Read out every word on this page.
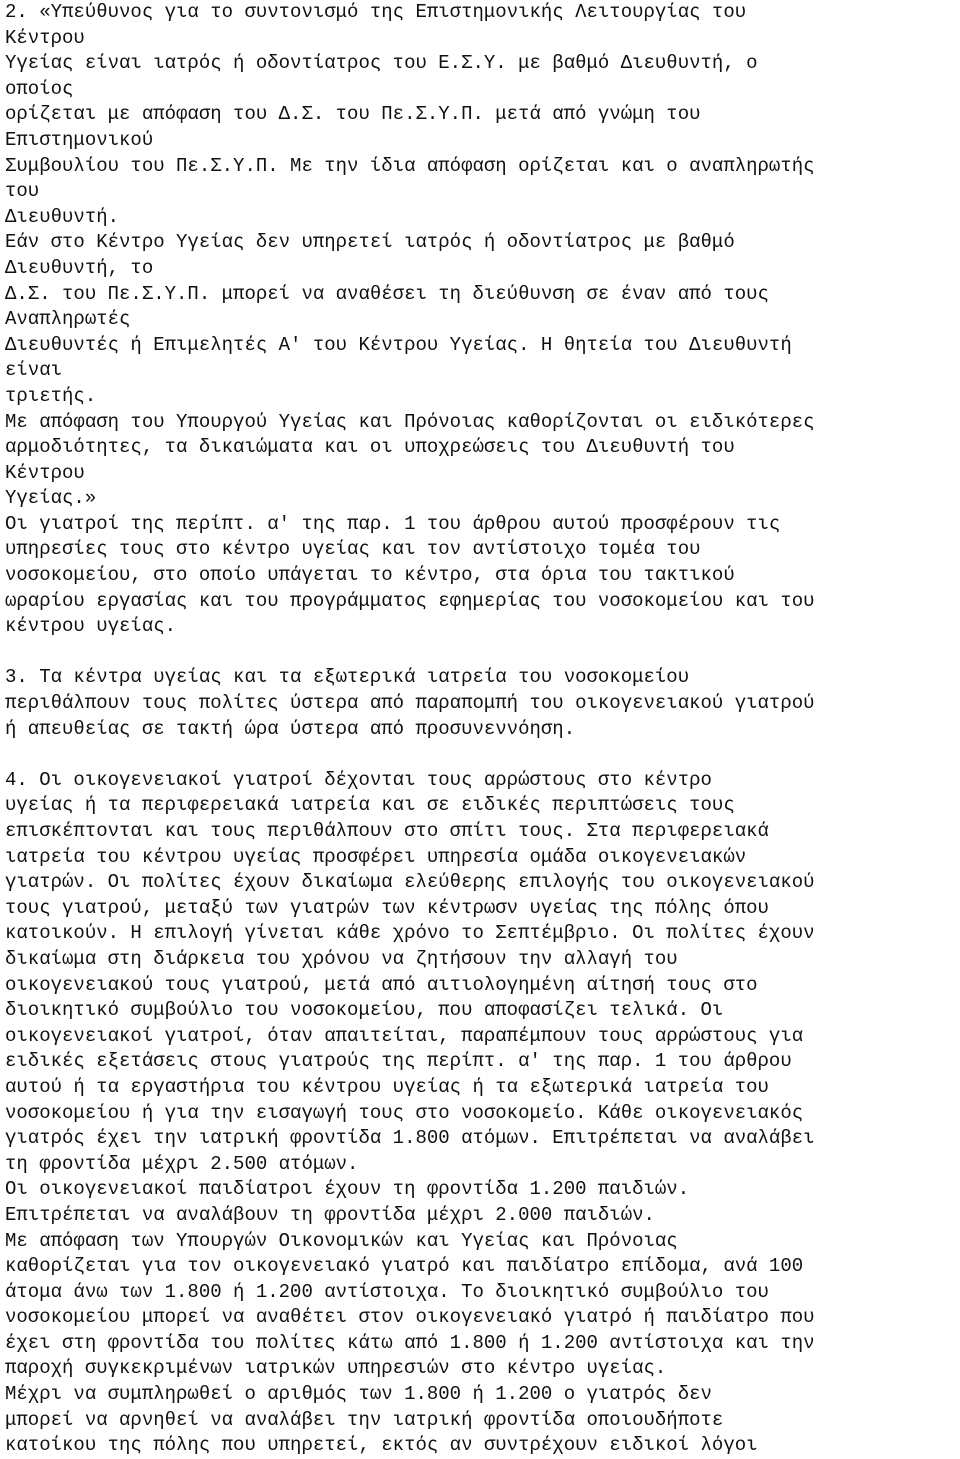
2. «Υπεύθυνος για το συντονισμό της Επιστημονικής Λειτουργίας του
Κέντρου
Υγείας είναι ιατρός ή οδοντίατρος του Ε.Σ.Υ. με βαθμό Διευθυντή, ο
οποίος
ορίζεται με απόφαση του Δ.Σ. του Πε.Σ.Υ.Π. μετά από γνώμη του
Επιστημονικού
Συμβουλίου του Πε.Σ.Υ.Π. Με την ίδια απόφαση ορίζεται και ο αναπληρωτής
του
Διευθυντή.
Εάν στο Κέντρο Υγείας δεν υπηρετεί ιατρός ή οδοντίατρος με βαθμό
Διευθυντή, το
Δ.Σ. του Πε.Σ.Υ.Π. μπορεί να αναθέσει τη διεύθυνση σε έναν από τους
Αναπληρωτές
Διευθυντές ή Επιμελητές Α' του Κέντρου Υγείας. Η θητεία του Διευθυντή
είναι
τριετής.
Με απόφαση του Υπουργού Υγείας και Πρόνοιας καθορίζονται οι ειδικότερες
αρμοδιότητες, τα δικαιώματα και οι υποχρεώσεις του Διευθυντή του
Κέντρου
Υγείας.»
Οι γιατροί της περίπτ. α' της παρ. 1 του άρθρου αυτού προσφέρουν τις
υπηρεσίες τους στο κέντρο υγείας και τον αντίστοιχο τομέα του
νοσοκομείου, στο οποίο υπάγεται το κέντρο, στα όρια του τακτικού
ωραρίου εργασίας και του προγράμματος εφημερίας του νοσοκομείου και του
κέντρου υγείας.
3. Τα κέντρα υγείας και τα εξωτερικά ιατρεία του νοσοκομείου
περιθάλπουν τους πολίτες ύστερα από παραπομπή του οικογενειακού γιατρού
ή απευθείας σε τακτή ώρα ύστερα από προσυνεννόηση.
4. Οι οικογενειακοί γιατροί δέχονται τους αρρώστους στο κέντρο
υγείας ή τα περιφερειακά ιατρεία και σε ειδικές περιπτώσεις τους
επισκέπτονται και τους περιθάλπουν στο σπίτι τους. Στα περιφερειακά
ιατρεία του κέντρου υγείας προσφέρει υπηρεσία ομάδα οικογενειακών
γιατρών. Οι πολίτες έχουν δικαίωμα ελεύθερης επιλογής του οικογενειακού
τους γιατρού, μεταξύ των γιατρών των κέντρωσν υγείας της πόλης όπου
κατοικούν. Η επιλογή γίνεται κάθε χρόνο το Σεπτέμβριο. Οι πολίτες έχουν
δικαίωμα στη διάρκεια του χρόνου να ζητήσουν την αλλαγή του
οικογενειακού τους γιατρού, μετά από αιτιολογημένη αίτησή τους στο
διοικητικό συμβούλιο του νοσοκομείου, που αποφασίζει τελικά. Οι
οικογενειακοί γιατροί, όταν απαιτείται, παραπέμπουν τους αρρώστους για
ειδικές εξετάσεις στους γιατρούς της περίπτ. α' της παρ. 1 του άρθρου
αυτού ή τα εργαστήρια του κέντρου υγείας ή τα εξωτερικά ιατρεία του
νοσοκομείου ή για την εισαγωγή τους στο νοσοκομείο. Κάθε οικογενειακός
γιατρός έχει την ιατρική φροντίδα 1.800 ατόμων. Επιτρέπεται να αναλάβει
τη φροντίδα μέχρι 2.500 ατόμων.
Οι οικογενειακοί παιδίατροι έχουν τη φροντίδα 1.200 παιδιών.
Επιτρέπεται να αναλάβουν τη φροντίδα μέχρι 2.000 παιδιών.
Με απόφαση των Υπουργών Οικονομικών και Υγείας και Πρόνοιας
καθορίζεται για τον οικογενειακό γιατρό και παιδίατρο επίδομα, ανά 100
άτομα άνω των 1.800 ή 1.200 αντίστοιχα. Το διοικητικό συμβούλιο του
νοσοκομείου μπορεί να αναθέτει στον οικογενειακό γιατρό ή παιδίατρο που
έχει στη φροντίδα του πολίτες κάτω από 1.800 ή 1.200 αντίστοιχα και την
παροχή συγκεκριμένων ιατρικών υπηρεσιών στο κέντρο υγείας.
Μέχρι να συμπληρωθεί ο αριθμός των 1.800 ή 1.200 ο γιατρός δεν
μπορεί να αρνηθεί να αναλάβει την ιατρική φροντίδα οποιουδήποτε
κατοίκου της πόλης που υπηρετεί, εκτός αν συντρέχουν ειδικοί λόγοι
